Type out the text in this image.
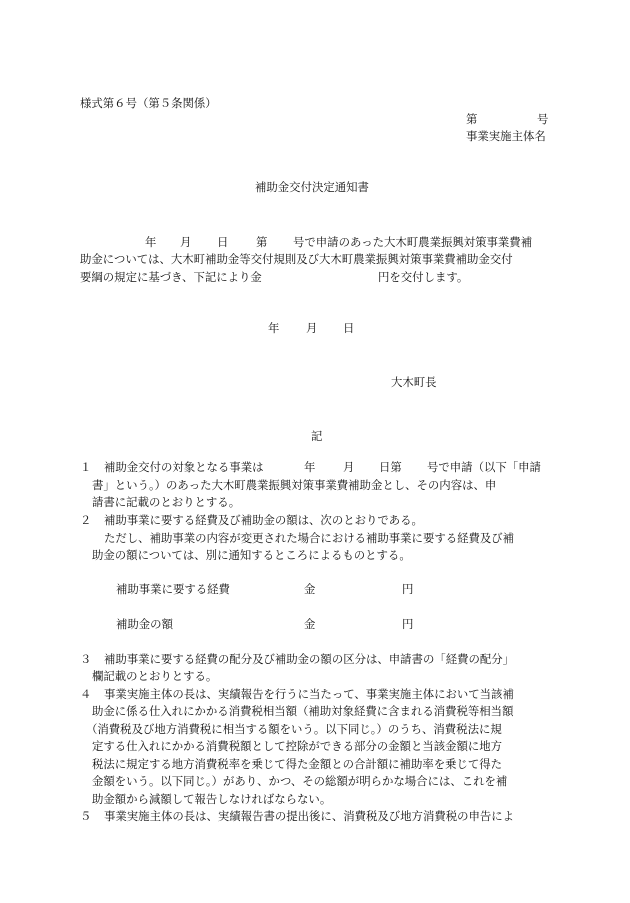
様式第６号（第５条関係）
第	号
事業実施主体名
補助金交付決定通知書
年 月 日 第 号で申請のあった大木町農業振興対策事業費補
助金については、大木町補助金等交付規則及び大木町農業振興対策事業費補助金交付
要綱の規定に基づき、下記により金	円を交付します。
年 月 日
大木町長
記
１ 補助金交付の対象となる事業は	年 月 日第 号で申請（以下「申請
書」という。）のあった大木町農業振興対策事業費補助金とし、その内容は、申
請書に記載のとおりとする。
２ 補助事業に要する経費及び補助金の額は、次のとおりである。
ただし、補助事業の内容が変更された場合における補助事業に要する経費及び補
助金の額については、別に通知するところによるものとする。
補助事業に要する経費	金	円
補助金の額	金	円
３ 補助事業に要する経費の配分及び補助金の額の区分は、申請書の「経費の配分」
欄記載のとおりとする。
４ 事業実施主体の長は、実績報告を行うに当たって、事業実施主体において当該補
助金に係る仕入れにかかる消費税相当額（補助対象経費に含まれる消費税等相当額
（消費税及び地方消費税に相当する額をいう。以下同じ。）のうち、消費税法に規
定する仕入れにかかる消費税額として控除ができる部分の金額と当該金額に地方
税法に規定する地方消費税率を乗じて得た金額との合計額に補助率を乗じて得た
金額をいう。以下同じ。）があり、かつ、その総額が明らかな場合には、これを補
助金額から減額して報告しなければならない。
５ 事業実施主体の長は、実績報告書の提出後に、消費税及び地方消費税の申告によ
